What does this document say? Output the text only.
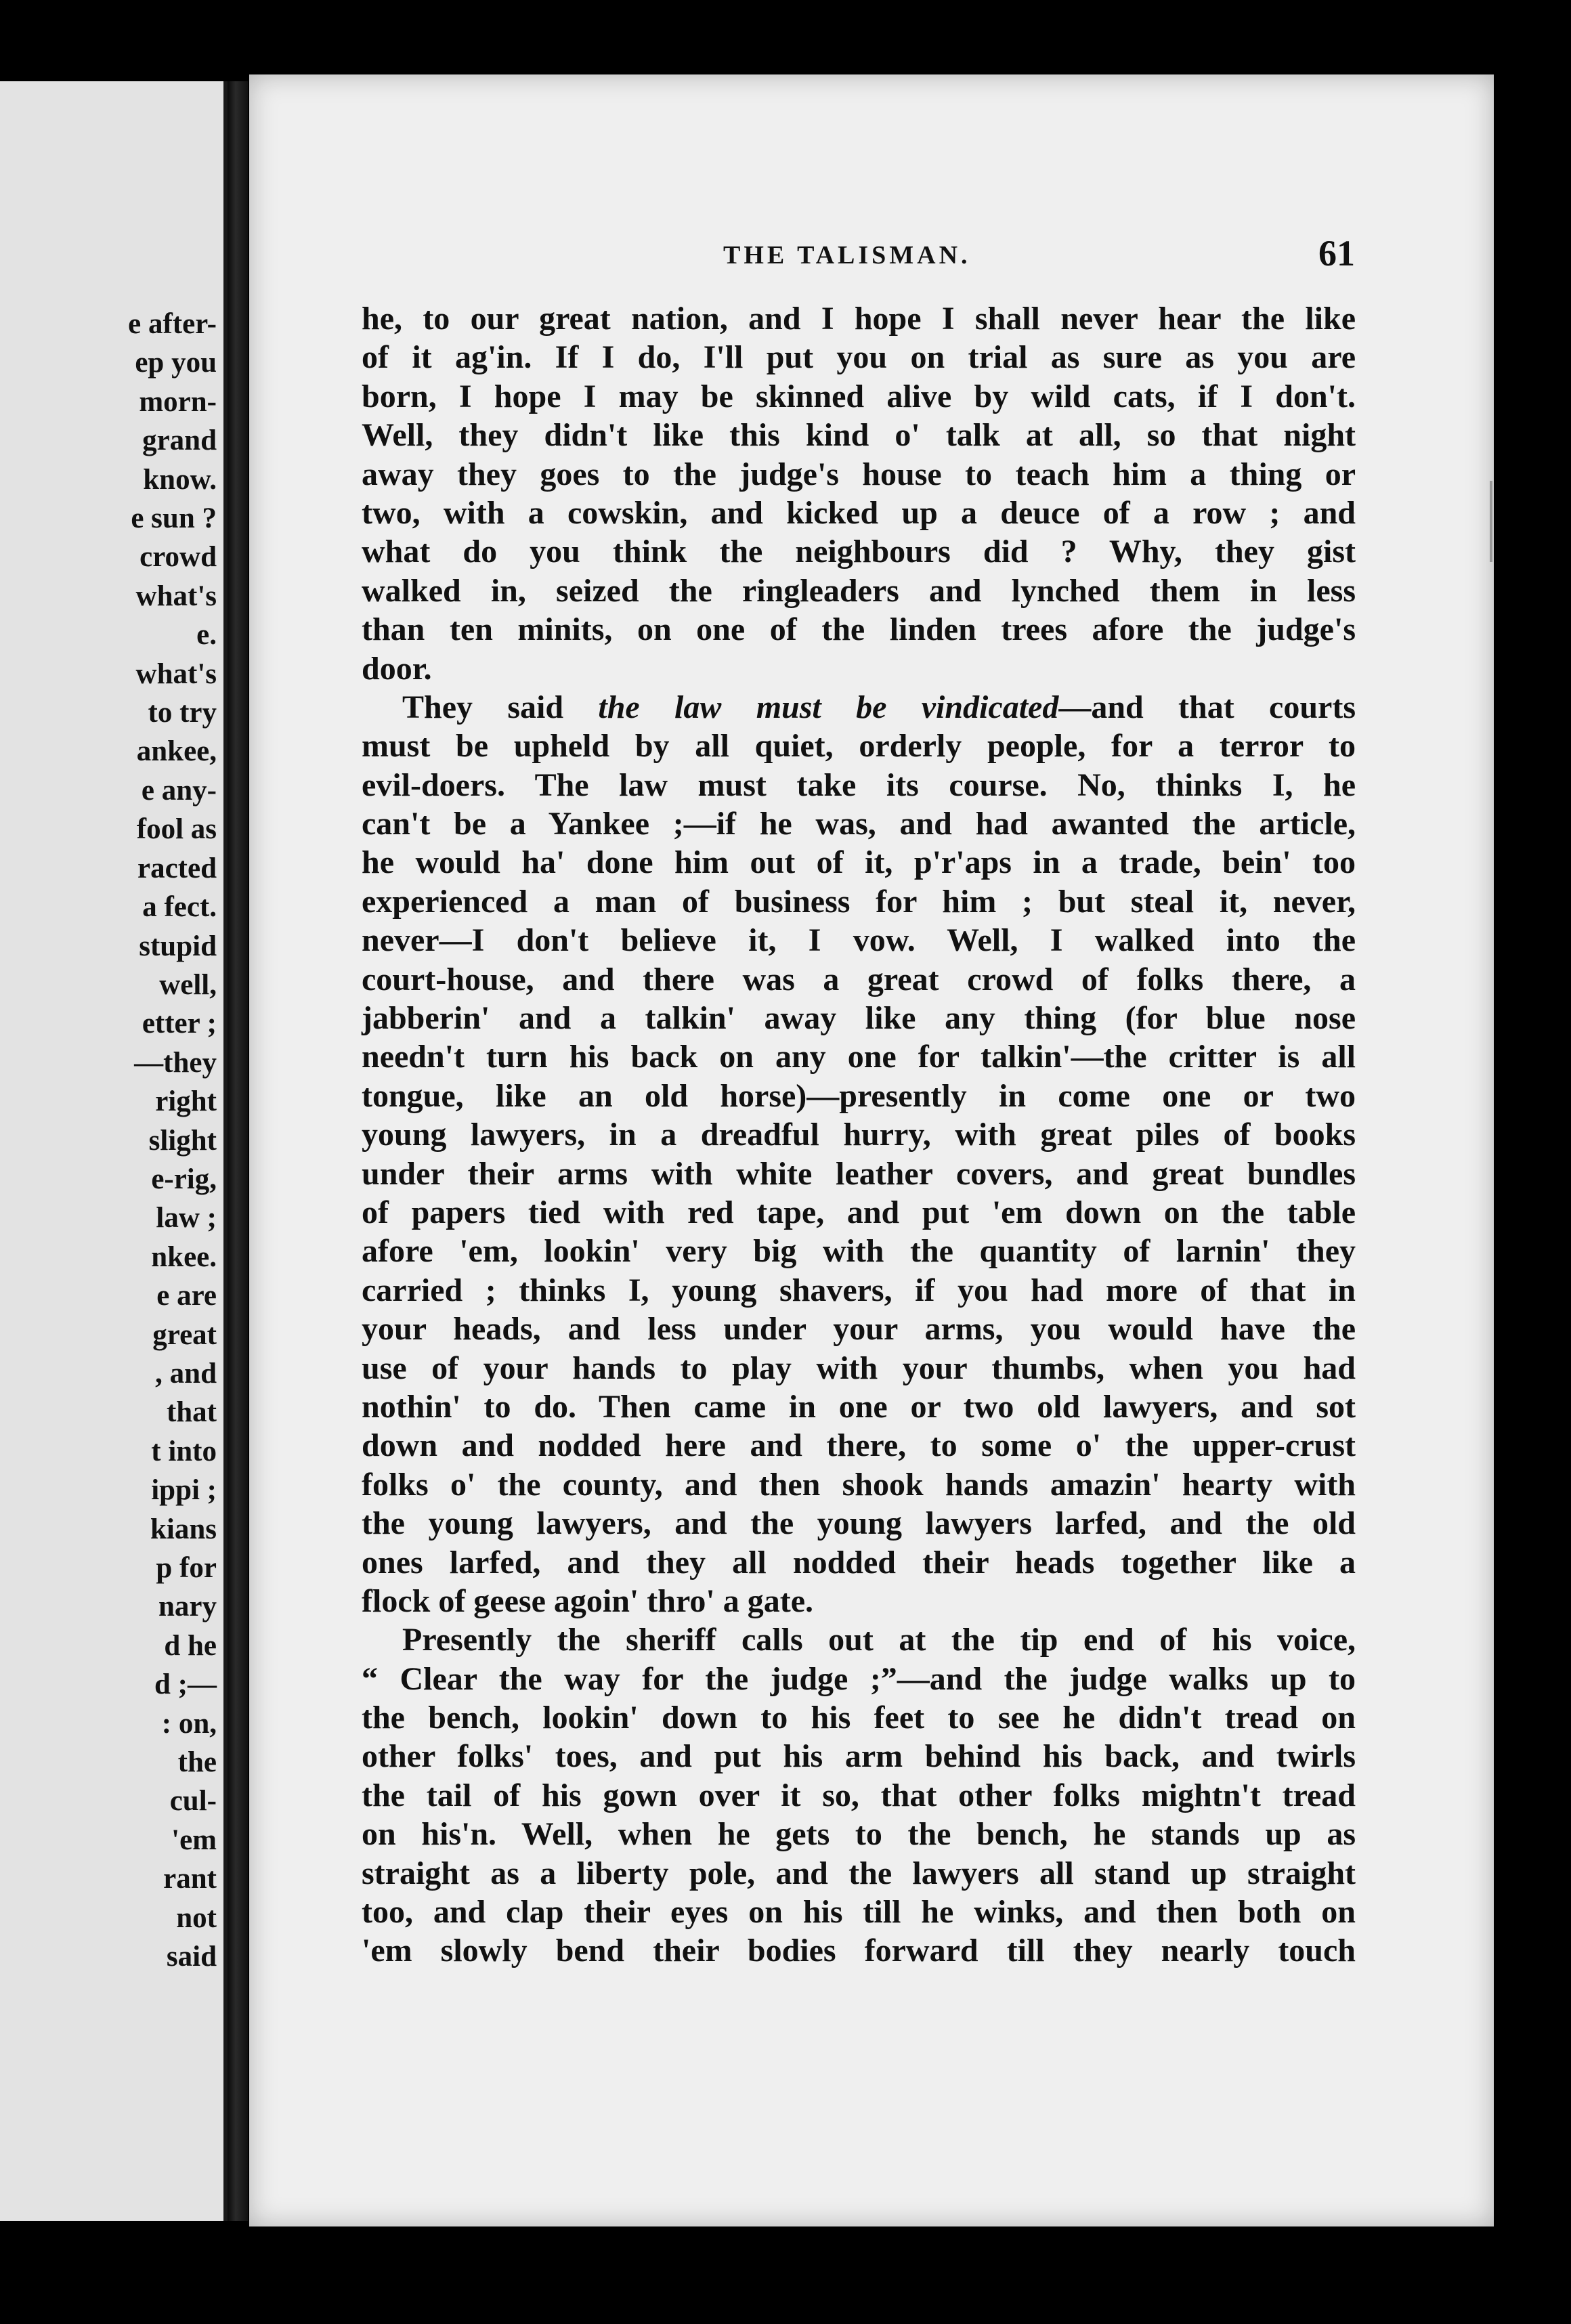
e after-
ep you
morn-
grand
know.
e sun ?
crowd
what's
e.
what's
to try
ankee,
e any-
fool as
racted
a fect.
stupid
well,
etter ;
—they
right
slight
e-rig,
law ;
nkee.
e are
great
, and
that
t into
ippi ;
kians
p for
nary
d he
d ;—
: on,
the
cul-
'em
rant
not
said
THE TALISMAN.	61
he, to our great nation, and I hope I shall never hear the like
of it ag'in. If I do, I'll put you on trial as sure as you are
born, I hope I may be skinned alive by wild cats, if I don't.
Well, they didn't like this kind o' talk at all, so that night
away they goes to the judge's house to teach him a thing or
two, with a cowskin, and kicked up a deuce of a row ; and
what do you think the neighbours did ? Why, they gist
walked in, seized the ringleaders and lynched them in less
than ten minits, on one of the linden trees afore the judge's
door.
They said the law must be vindicated—and that courts
must be upheld by all quiet, orderly people, for a terror to
evil-doers. The law must take its course. No, thinks I, he
can't be a Yankee ;—if he was, and had awanted the article,
he would ha' done him out of it, p'r'aps in a trade, bein' too
experienced a man of business for him ; but steal it, never,
never—I don't believe it, I vow. Well, I walked into the
court-house, and there was a great crowd of folks there, a
jabberin' and a talkin' away like any thing (for blue nose
needn't turn his back on any one for talkin'—the critter is all
tongue, like an old horse)—presently in come one or two
young lawyers, in a dreadful hurry, with great piles of books
under their arms with white leather covers, and great bundles
of papers tied with red tape, and put 'em down on the table
afore 'em, lookin' very big with the quantity of larnin' they
carried ; thinks I, young shavers, if you had more of that in
your heads, and less under your arms, you would have the
use of your hands to play with your thumbs, when you had
nothin' to do. Then came in one or two old lawyers, and sot
down and nodded here and there, to some o' the upper-crust
folks o' the county, and then shook hands amazin' hearty with
the young lawyers, and the young lawyers larfed, and the old
ones larfed, and they all nodded their heads together like a
flock of geese agoin' thro' a gate.
Presently the sheriff calls out at the tip end of his voice,
“ Clear the way for the judge ;”—and the judge walks up to
the bench, lookin' down to his feet to see he didn't tread on
other folks' toes, and put his arm behind his back, and twirls
the tail of his gown over it so, that other folks mightn't tread
on his'n. Well, when he gets to the bench, he stands up as
straight as a liberty pole, and the lawyers all stand up straight
too, and clap their eyes on his till he winks, and then both on
'em slowly bend their bodies forward till they nearly touch
